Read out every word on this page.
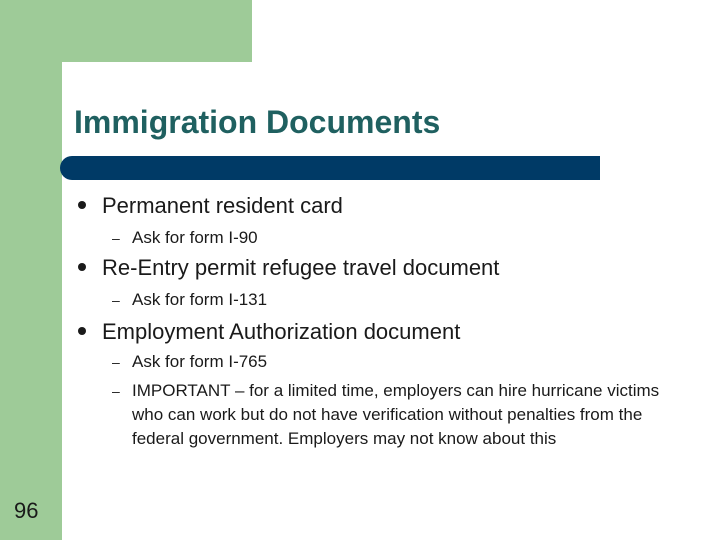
Immigration Documents
Permanent resident card
– Ask for form I-90
Re-Entry permit refugee travel document
– Ask for form I-131
Employment Authorization document
– Ask for form I-765
– IMPORTANT – for a limited time, employers can hire hurricane victims who can work but do not have verification without penalties from the federal government. Employers may not know about this
96
